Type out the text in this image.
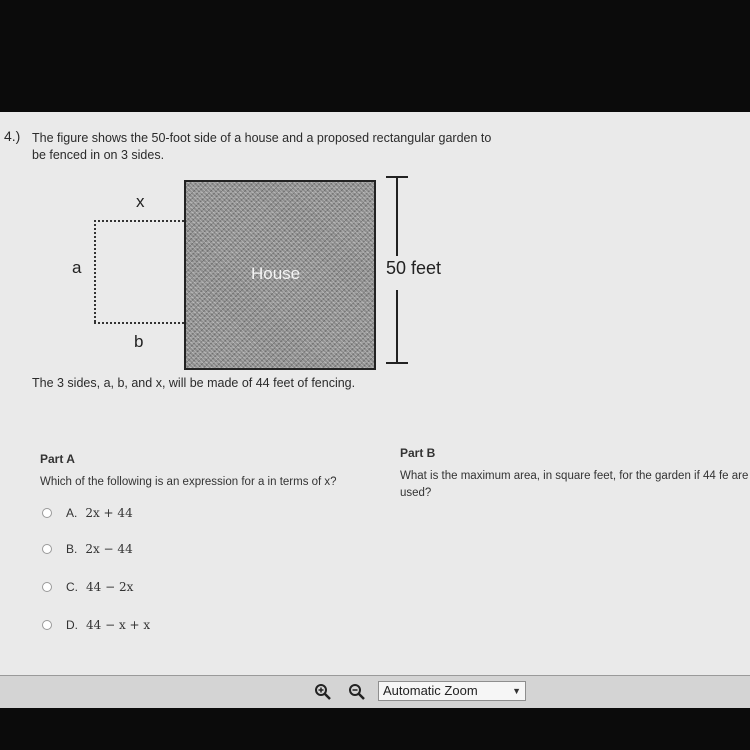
4.) The figure shows the 50-foot side of a house and a proposed rectangular garden to be fenced in on 3 sides.
x
a
b
House	50 feet
The 3 sides, a, b, and x, will be made of 44 feet of fencing.
Part A
Which of the following is an expression for a in terms of x?
A. 2x + 44
B. 2x − 44
C. 44 − 2x
D. 44 − x + x
Part B
What is the maximum area, in square feet, for the garden if 44 fe are used?
Automatic Zoom	▼
